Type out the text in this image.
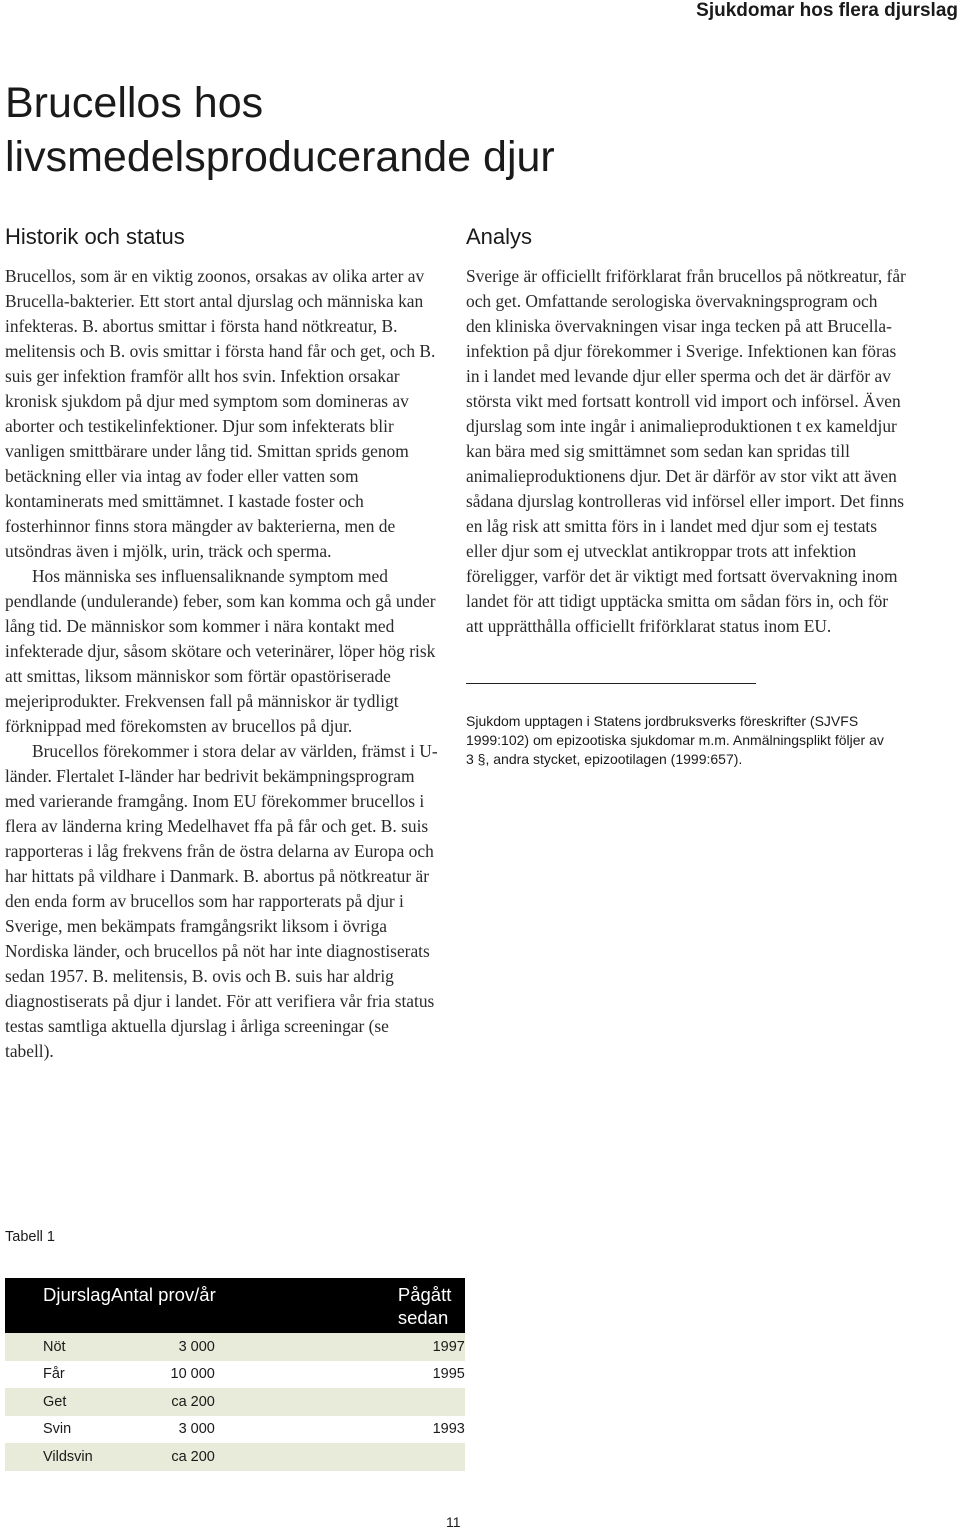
Sjukdomar hos flera djurslag
Brucellos hos
livsmedelsproducerande djur
Historik och status

Brucellos, som är en viktig zoonos, orsakas av olika arter av Brucella-bakterier. Ett stort antal djurslag och människa kan infekteras. B. abortus smittar i första hand nötkreatur, B. melitensis och B. ovis smittar i första hand får och get, och B. suis ger infektion framför allt hos svin. Infektion orsakar kronisk sjukdom på djur med symptom som domineras av aborter och testikelinfektioner. Djur som infekterats blir vanligen smittbärare under lång tid. Smittan sprids genom betäckning eller via intag av foder eller vatten som kontaminerats med smittämnet. I kastade foster och fosterhinnor finns stora mängder av bakterierna, men de utsöndras även i mjölk, urin, träck och sperma.

Hos människa ses influensaliknande symptom med pendlande (undulerande) feber, som kan komma och gå under lång tid. De människor som kommer i nära kontakt med infekterade djur, såsom skötare och veterinärer, löper hög risk att smittas, liksom människor som förtär opastöriserade mejeriprodukter. Frekvensen fall på människor är tydligt förknippad med förekomsten av brucellos på djur.

Brucellos förekommer i stora delar av världen, främst i U-länder. Flertalet I-länder har bedrivit bekämpningsprogram med varierande framgång. Inom EU förekommer brucellos i flera av länderna kring Medelhavet ffa på får och get. B. suis rapporteras i låg frekvens från de östra delarna av Europa och har hittats på vildhare i Danmark. B. abortus på nötkreatur är den enda form av brucellos som har rapporterats på djur i Sverige, men bekämpats framgångsrikt liksom i övriga Nordiska länder, och brucellos på nöt har inte diagnostiserats sedan 1957. B. melitensis, B. ovis och B. suis har aldrig diagnostiserats på djur i landet. För att verifiera vår fria status testas samtliga aktuella djurslag i årliga screeningar (se tabell).

Analys

Sverige är officiellt friförklarat från brucellos på nötkreatur, får och get. Omfattande serologiska övervakningsprogram och den kliniska övervakningen visar inga tecken på att Brucella-infektion på djur förekommer i Sverige. Infektionen kan föras in i landet med levande djur eller sperma och det är därför av största vikt med fortsatt kontroll vid import och införsel. Även djurslag som inte ingår i animalieproduktionen t ex kameldjur kan bära med sig smittämnet som sedan kan spridas till animalieproduktionens djur. Det är därför av stor vikt att även sådana djurslag kontrolleras vid införsel eller import. Det finns en låg risk att smitta förs in i landet med djur som ej testats eller djur som ej utvecklat antikroppar trots att infektion föreligger, varför det är viktigt med fortsatt övervakning inom landet för att tidigt upptäcka smitta om sådan förs in, och för att upprätthålla officiellt friförklarat status inom EU.

Sjukdom upptagen i Statens jordbruksverks föreskrifter (SJVFS 1999:102) om epizootiska sjukdomar m.m. Anmälningsplikt följer av 3 §, andra stycket, epizootilagen (1999:657).
Tabell 1
Djurslag	Antal prov/år	Pågått sedan
Nöt	3 000	1997
Får	10 000	1995
Get	ca 200	
Svin	3 000	1993
Vildsvin	ca 200	
11
